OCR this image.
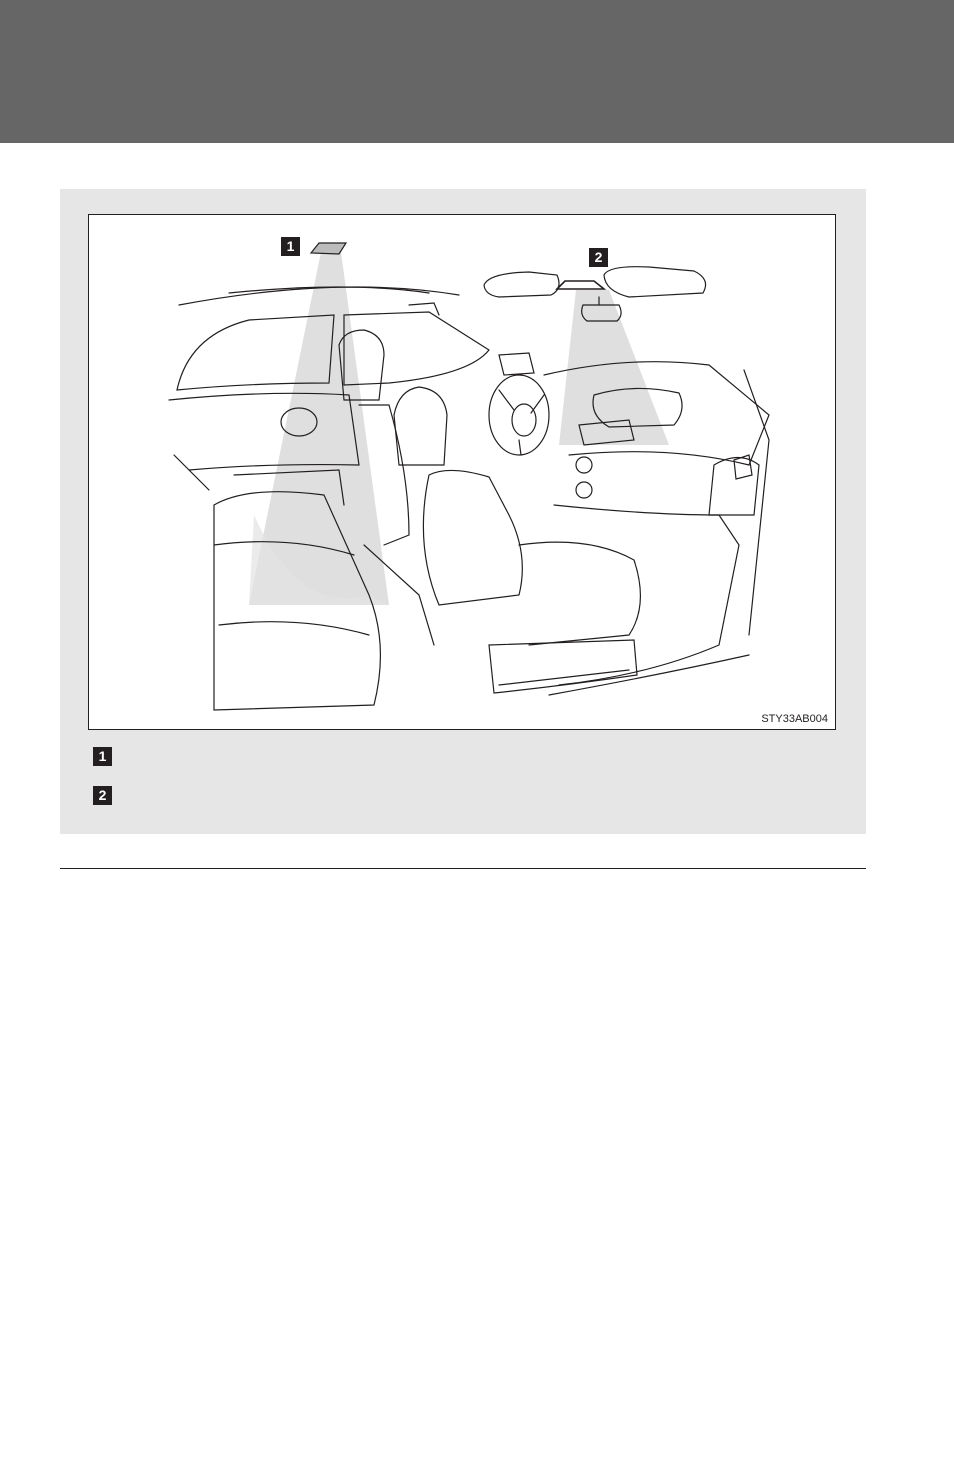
1
2
STY33AB004
1
2
